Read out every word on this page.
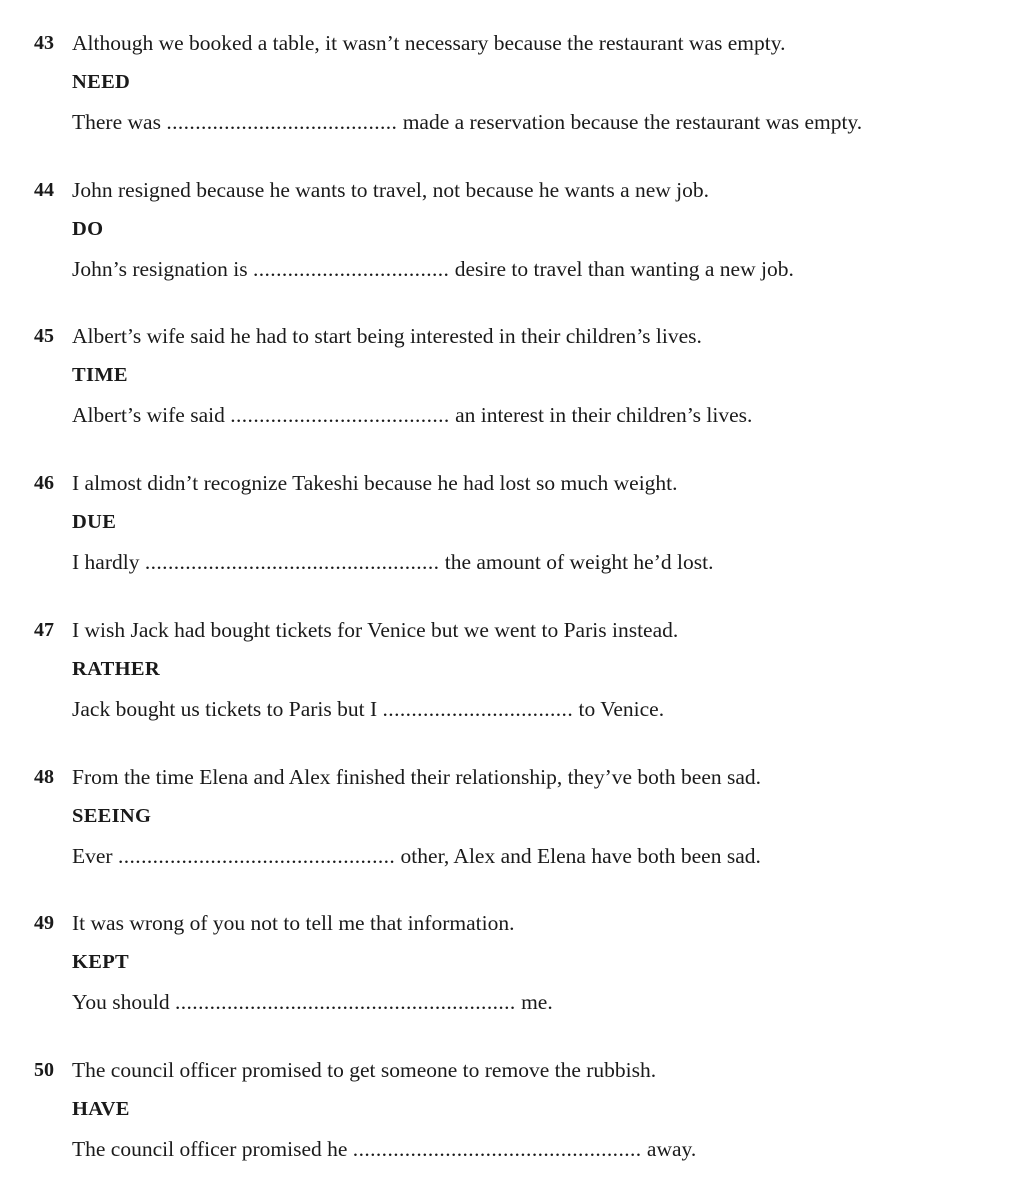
43 Although we booked a table, it wasn’t necessary because the restaurant was empty.
NEED
There was ........................................ made a reservation because the restaurant was empty.
44 John resigned because he wants to travel, not because he wants a new job.
DO
John’s resignation is .................................. desire to travel than wanting a new job.
45 Albert’s wife said he had to start being interested in their children’s lives.
TIME
Albert’s wife said ...................................... an interest in their children’s lives.
46 I almost didn’t recognize Takeshi because he had lost so much weight.
DUE
I hardly ................................................... the amount of weight he’d lost.
47 I wish Jack had bought tickets for Venice but we went to Paris instead.
RATHER
Jack bought us tickets to Paris but I ................................. to Venice.
48 From the time Elena and Alex finished their relationship, they’ve both been sad.
SEEING
Ever ................................................ other, Alex and Elena have both been sad.
49 It was wrong of you not to tell me that information.
KEPT
You should ........................................................... me.
50 The council officer promised to get someone to remove the rubbish.
HAVE
The council officer promised he .................................................. away.
